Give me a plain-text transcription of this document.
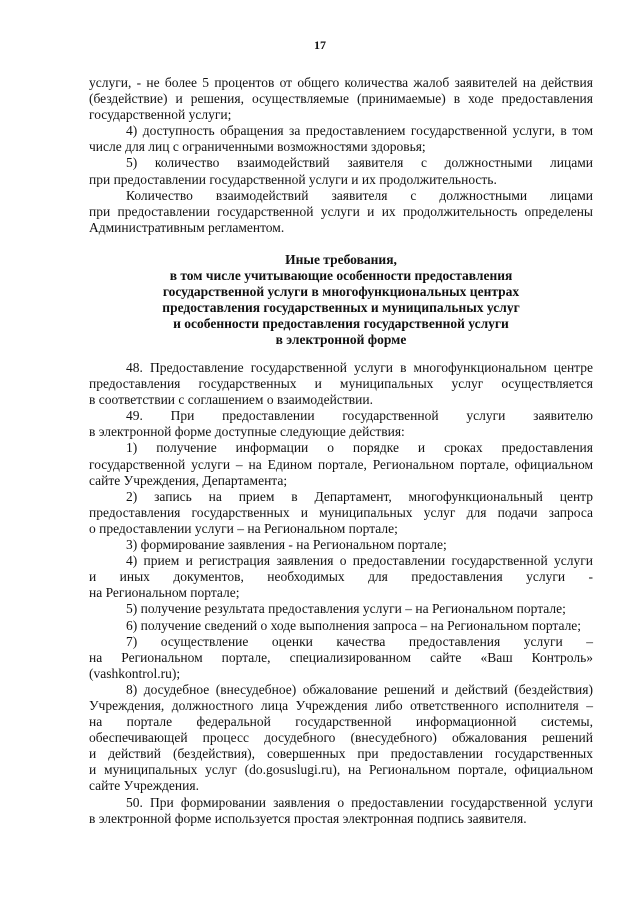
17
услуги, - не более 5 процентов от общего количества жалоб заявителей на действия
(бездействие) и решения, осуществляемые (принимаемые) в ходе предоставления
государственной услуги;
4) доступность обращения за предоставлением государственной услуги, в том
числе для лиц с ограниченными возможностями здоровья;
5) количество взаимодействий заявителя с должностными лицами
при предоставлении государственной услуги и их продолжительность.
Количество взаимодействий заявителя с должностными лицами
при предоставлении государственной услуги и их продолжительность определены
Административным регламентом.
Иные требования,
в том числе учитывающие особенности предоставления
государственной услуги в многофункциональных центрах
предоставления государственных и муниципальных услуг
и особенности предоставления государственной услуги
в электронной форме
48. Предоставление государственной услуги в многофункциональном центре
предоставления государственных и муниципальных услуг осуществляется
в соответствии с соглашением о взаимодействии.
49. При предоставлении государственной услуги заявителю
в электронной форме доступные следующие действия:
1) получение информации о порядке и сроках предоставления
государственной услуги – на Едином портале, Региональном портале, официальном
сайте Учреждения, Департамента;
2) запись на прием в Департамент, многофункциональный центр
предоставления государственных и муниципальных услуг для подачи запроса
о предоставлении услуги – на Региональном портале;
3) формирование заявления - на Региональном портале;
4) прием и регистрация заявления о предоставлении государственной услуги
и иных документов, необходимых для предоставления услуги -
на Региональном портале;
5) получение результата предоставления услуги – на Региональном портале;
6) получение сведений о ходе выполнения запроса – на Региональном портале;
7) осуществление оценки качества предоставления услуги –
на Региональном портале, специализированном сайте «Ваш Контроль»
(vashkontrol.ru);
8) досудебное (внесудебное) обжалование решений и действий (бездействия)
Учреждения, должностного лица Учреждения либо ответственного исполнителя –
на портале федеральной государственной информационной системы,
обеспечивающей процесс досудебного (внесудебного) обжалования решений
и действий (бездействия), совершенных при предоставлении государственных
и муниципальных услуг (do.gosuslugi.ru), на Региональном портале, официальном
сайте Учреждения.
50. При формировании заявления о предоставлении государственной услуги
в электронной форме используется простая электронная подпись заявителя.
